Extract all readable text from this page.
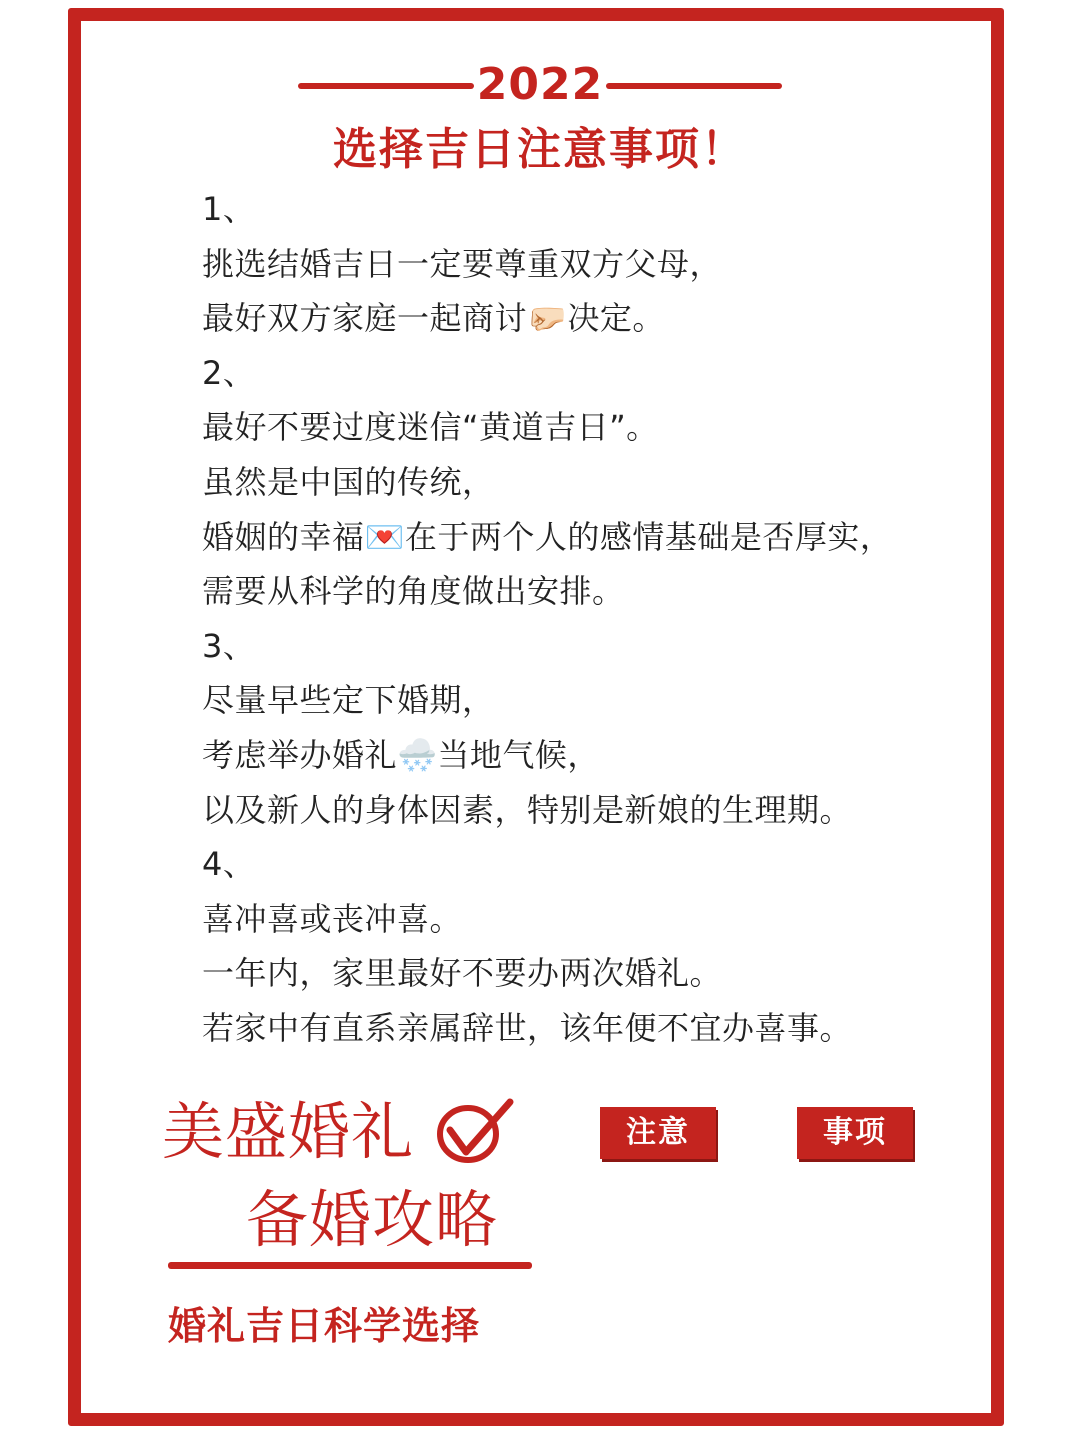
2022
选择吉日注意事项！
1、
挑选结婚吉日一定要尊重双方父母，
最好双方家庭一起商讨🤛🏻决定。
2、
最好不要过度迷信“黄道吉日”。
虽然是中国的传统，
婚姻的幸福💌在于两个人的感情基础是否厚实，
需要从科学的角度做出安排。
3、
尽量早些定下婚期，
考虑举办婚礼🌨️当地气候，
以及新人的身体因素，特别是新娘的生理期。
4、
喜冲喜或丧冲喜。
一年内，家里最好不要办两次婚礼。
若家中有直系亲属辞世，该年便不宜办喜事。
美盛婚礼
备婚攻略
注意	事项
婚礼吉日科学选择
